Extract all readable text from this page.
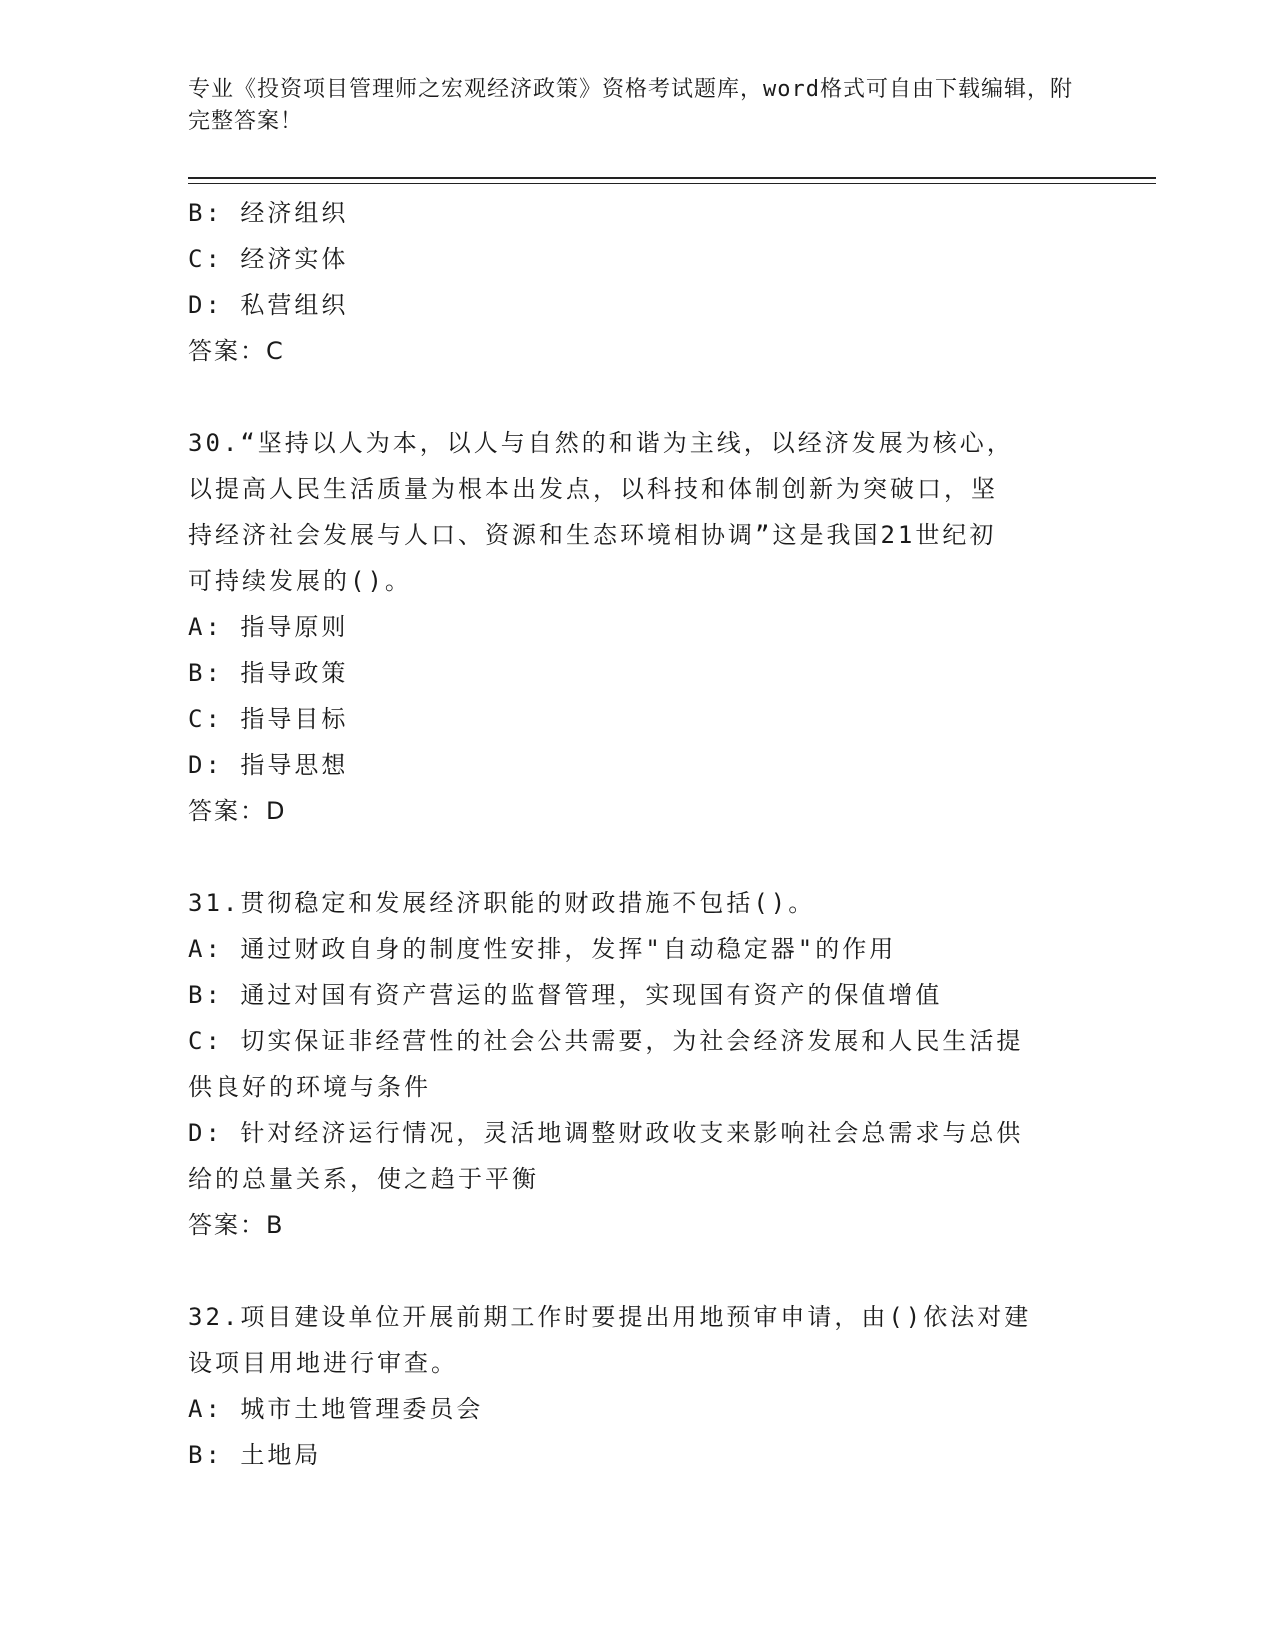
专业《投资项目管理师之宏观经济政策》资格考试题库，word格式可自由下载编辑，附完整答案！

B: 经济组织

C: 经济实体

D: 私营组织

答案：C

30.“坚持以人为本，以人与自然的和谐为主线，以经济发展为核心，

以提高人民生活质量为根本出发点，以科技和体制创新为突破口，坚

持经济社会发展与人口、资源和生态环境相协调”这是我国21世纪初

可持续发展的()。

A: 指导原则

B: 指导政策

C: 指导目标

D: 指导思想

答案：D

31.贯彻稳定和发展经济职能的财政措施不包括()。

A: 通过财政自身的制度性安排，发挥"自动稳定器"的作用

B: 通过对国有资产营运的监督管理，实现国有资产的保值增值

C: 切实保证非经营性的社会公共需要，为社会经济发展和人民生活提

供良好的环境与条件

D: 针对经济运行情况，灵活地调整财政收支来影响社会总需求与总供

给的总量关系，使之趋于平衡

答案：B

32.项目建设单位开展前期工作时要提出用地预审申请，由()依法对建

设项目用地进行审查。

A: 城市土地管理委员会

B: 土地局
